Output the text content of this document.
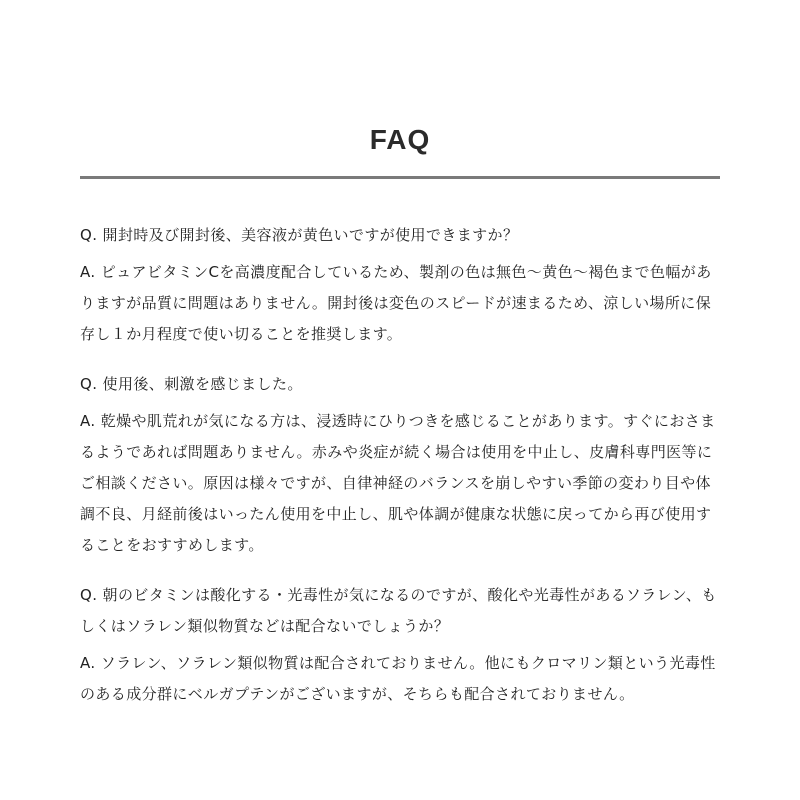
FAQ

Q. 開封時及び開封後、美容液が黄色いですが使用できますか？

A. ピュアビタミンCを高濃度配合しているため、製剤の色は無色〜黄色〜褐色まで色幅がありますが品質に問題はありません。開封後は変色のスピードが速まるため、涼しい場所に保存し１か月程度で使い切ることを推奨します。

Q. 使用後、刺激を感じました。

A. 乾燥や肌荒れが気になる方は、浸透時にひりつきを感じることがあります。すぐにおさまるようであれば問題ありません。赤みや炎症が続く場合は使用を中止し、皮膚科専門医等にご相談ください。原因は様々ですが、自律神経のバランスを崩しやすい季節の変わり目や体調不良、月経前後はいったん使用を中止し、肌や体調が健康な状態に戻ってから再び使用することをおすすめします。

Q. 朝のビタミンは酸化する・光毒性が気になるのですが、酸化や光毒性があるソラレン、もしくはソラレン類似物質などは配合ないでしょうか？

A. ソラレン、ソラレン類似物質は配合されておりません。他にもクロマリン類という光毒性のある成分群にベルガプテンがございますが、そちらも配合されておりません。
